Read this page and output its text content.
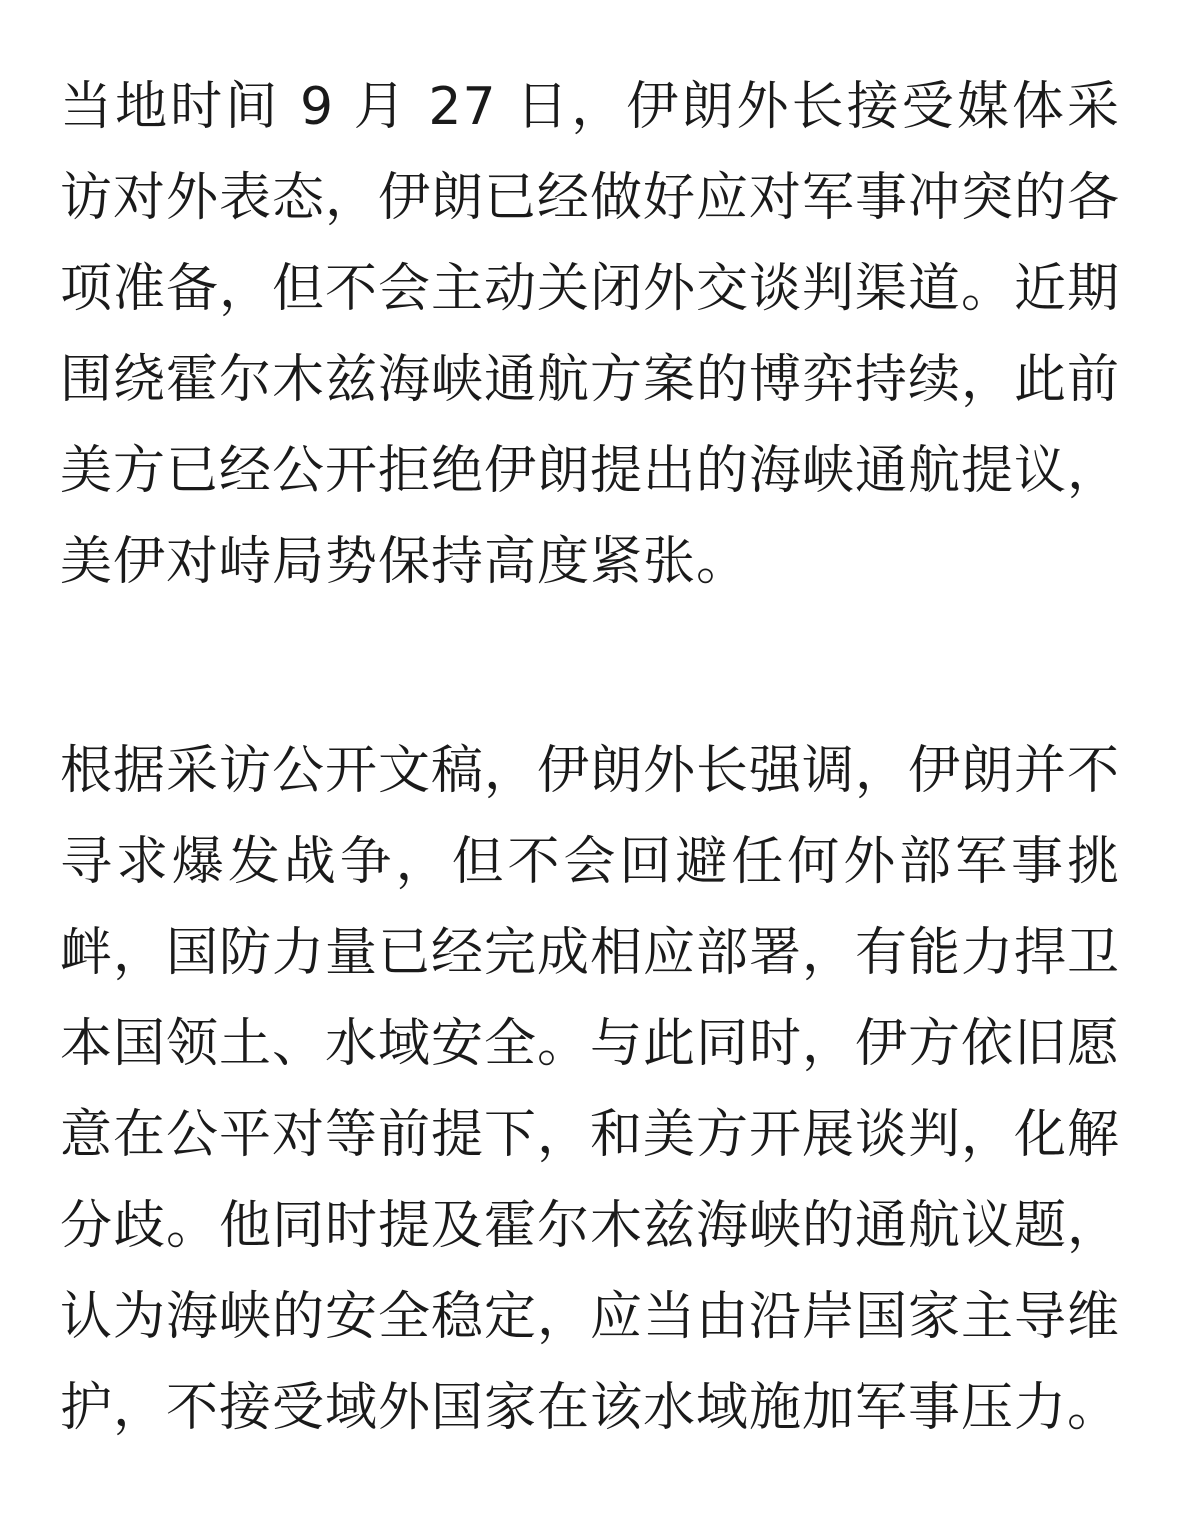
当地时间 9 月 27 日，伊朗外长接受媒体采访对外表态，伊朗已经做好应对军事冲突的各项准备，但不会主动关闭外交谈判渠道。近期围绕霍尔木兹海峡通航方案的博弈持续，此前美方已经公开拒绝伊朗提出的海峡通航提议，美伊对峙局势保持高度紧张。

根据采访公开文稿，伊朗外长强调，伊朗并不寻求爆发战争，但不会回避任何外部军事挑衅，国防力量已经完成相应部署，有能力捍卫本国领土、水域安全。与此同时，伊方依旧愿意在公平对等前提下，和美方开展谈判，化解分歧。他同时提及霍尔木兹海峡的通航议题，认为海峡的安全稳定，应当由沿岸国家主导维护，不接受域外国家在该水域施加军事压力。
